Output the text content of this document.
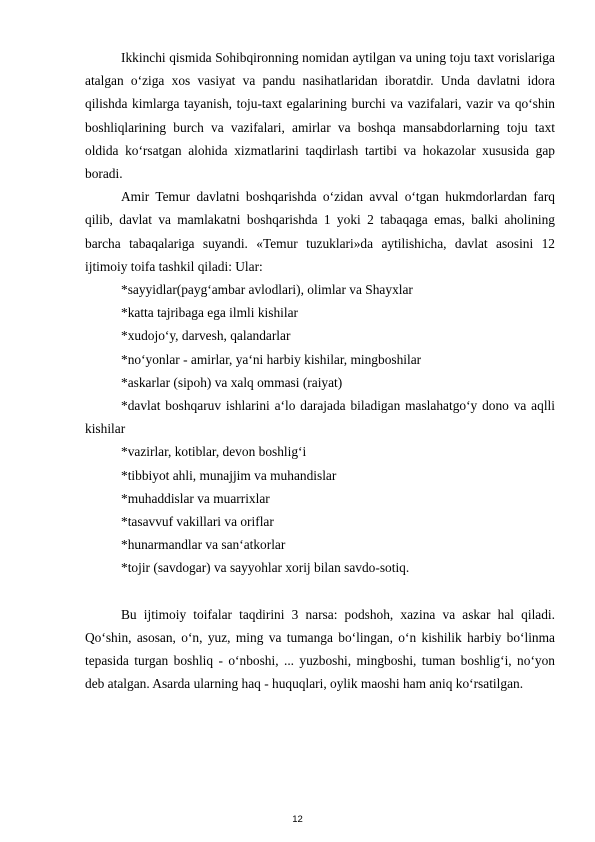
Ikkinchi qismida Sohibqironning nomidan aytilgan va uning toju taxt vorislariga atalgan o‘ziga xos vasiyat va pandu nasihatlaridan iboratdir. Unda davlatni idora qilishda kimlarga tayanish, toju-taxt egalarining burchi va vazifalari, vazir va qo‘shin boshliqlarining burch va vazifalari, amirlar va boshqa mansabdorlarning toju taxt oldida ko‘rsatgan alohida xizmatlarini taqdirlash tartibi va hokazolar xususida gap boradi.

Amir Temur davlatni boshqarishda o‘zidan avval o‘tgan hukmdorlardan farq qilib, davlat va mamlakatni boshqarishda 1 yoki 2 tabaqaga emas, balki aholining barcha tabaqalariga suyandi. «Temur tuzuklari»da aytilishicha, davlat asosini 12 ijtimoiy toifa tashkil qiladi: Ular:

*sayyidlar(payg‘ambar avlodlari), olimlar va Shayxlar

*katta tajribaga ega ilmli kishilar

*xudojo‘y, darvesh, qalandarlar

*no‘yonlar - amirlar, ya‘ni harbiy kishilar, mingboshilar

*askarlar (sipoh) va xalq ommasi (raiyat)

*davlat boshqaruv ishlarini a‘lo darajada biladigan maslahatgo‘y dono va aqlli kishilar

*vazirlar, kotiblar, devon boshlig‘i

*tibbiyot ahli, munajjim va muhandislar

*muhaddislar va muarrixlar

*tasavvuf vakillari va oriflar

*hunarmandlar va san‘atkorlar

*tojir (savdogar) va sayyohlar xorij bilan savdo-sotiq.

Bu ijtimoiy toifalar taqdirini 3 narsa: podshoh, xazina va askar hal qiladi. Qo‘shin, asosan, o‘n, yuz, ming va tumanga bo‘lingan, o‘n kishilik harbiy bo‘linma tepasida turgan boshliq - o‘nboshi, ... yuzboshi, mingboshi, tuman boshlig‘i, no‘yon deb atalgan. Asarda ularning haq - huquqlari, oylik maoshi ham aniq ko‘rsatilgan.

12
